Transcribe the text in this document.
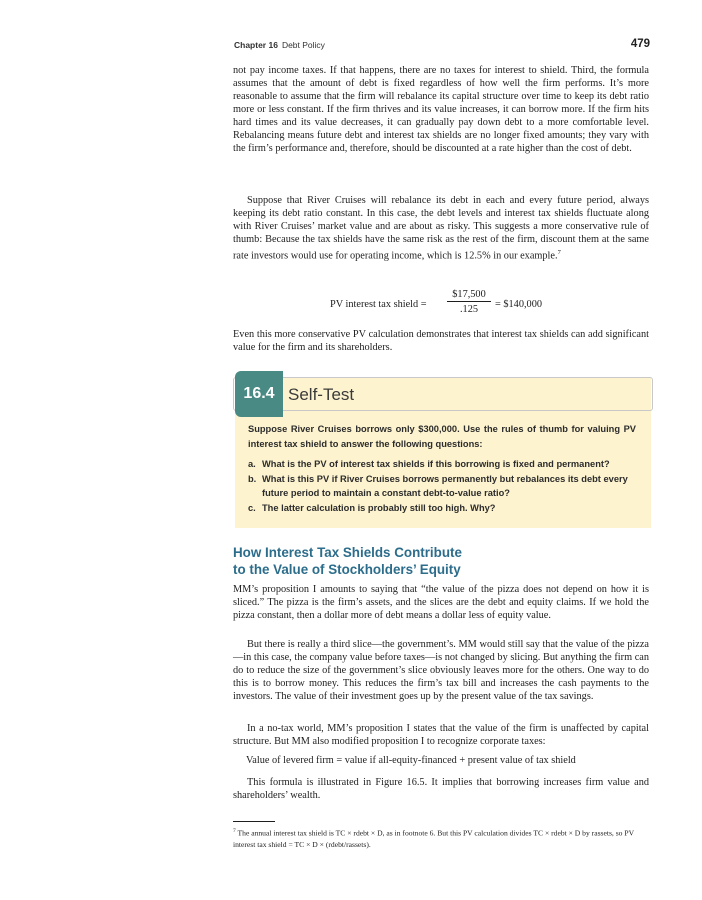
Chapter 16 Debt Policy	479

not pay income taxes. If that happens, there are no taxes for interest to shield. Third, the formula assumes that the amount of debt is fixed regardless of how well the firm performs. It’s more reasonable to assume that the firm will rebalance its capital structure over time to keep its debt ratio more or less constant. If the firm thrives and its value increases, it can borrow more. If the firm hits hard times and its value decreases, it can gradually pay down debt to a more comfortable level. Rebalancing means future debt and interest tax shields are no longer fixed amounts; they vary with the firm’s performance and, therefore, should be discounted at a rate higher than the cost of debt.

Suppose that River Cruises will rebalance its debt in each and every future period, always keeping its debt ratio constant. In this case, the debt levels and interest tax shields fluctuate along with River Cruises’ market value and are about as risky. This suggests a more conservative rule of thumb: Because the tax shields have the same risk as the rest of the firm, discount them at the same rate investors would use for operating income, which is 12.5% in our example.$^7$

PV interest tax shield = $\frac{\$17,500}{.125}$ = $140,000

Even this more conservative PV calculation demonstrates that interest tax shields can add significant value for the firm and its shareholders.

16.4 Self-Test

Suppose River Cruises borrows only $300,000. Use the rules of thumb for valuing PV interest tax shield to answer the following questions:

a. What is the PV of interest tax shields if this borrowing is fixed and permanent?
b. What is this PV if River Cruises borrows permanently but rebalances its debt every future period to maintain a constant debt-to-value ratio?
c. The latter calculation is probably still too high. Why?
How Interest Tax Shields Contribute
to the Value of Stockholders’ Equity

MM’s proposition I amounts to saying that “the value of the pizza does not depend on how it is sliced.” The pizza is the firm’s assets, and the slices are the debt and equity claims. If we hold the pizza constant, then a dollar more of debt means a dollar less of equity value.

But there is really a third slice—the government’s. MM would still say that the value of the pizza—in this case, the company value before taxes—is not changed by slicing. But anything the firm can do to reduce the size of the government’s slice obviously leaves more for the others. One way to do this is to borrow money. This reduces the firm’s tax bill and increases the cash payments to the investors. The value of their investment goes up by the present value of the tax savings.

In a no-tax world, MM’s proposition I states that the value of the firm is unaffected by capital structure. But MM also modified proposition I to recognize corporate taxes:

Value of levered firm = value if all-equity-financed + present value of tax shield

This formula is illustrated in Figure 16.5. It implies that borrowing increases firm value and shareholders’ wealth.

$^7$ The annual interest tax shield is TC × rdebt × D, as in footnote 6. But this PV calculation divides TC × rdebt × D by rassets, so PV interest tax shield = TC × D × (rdebt/rassets).
